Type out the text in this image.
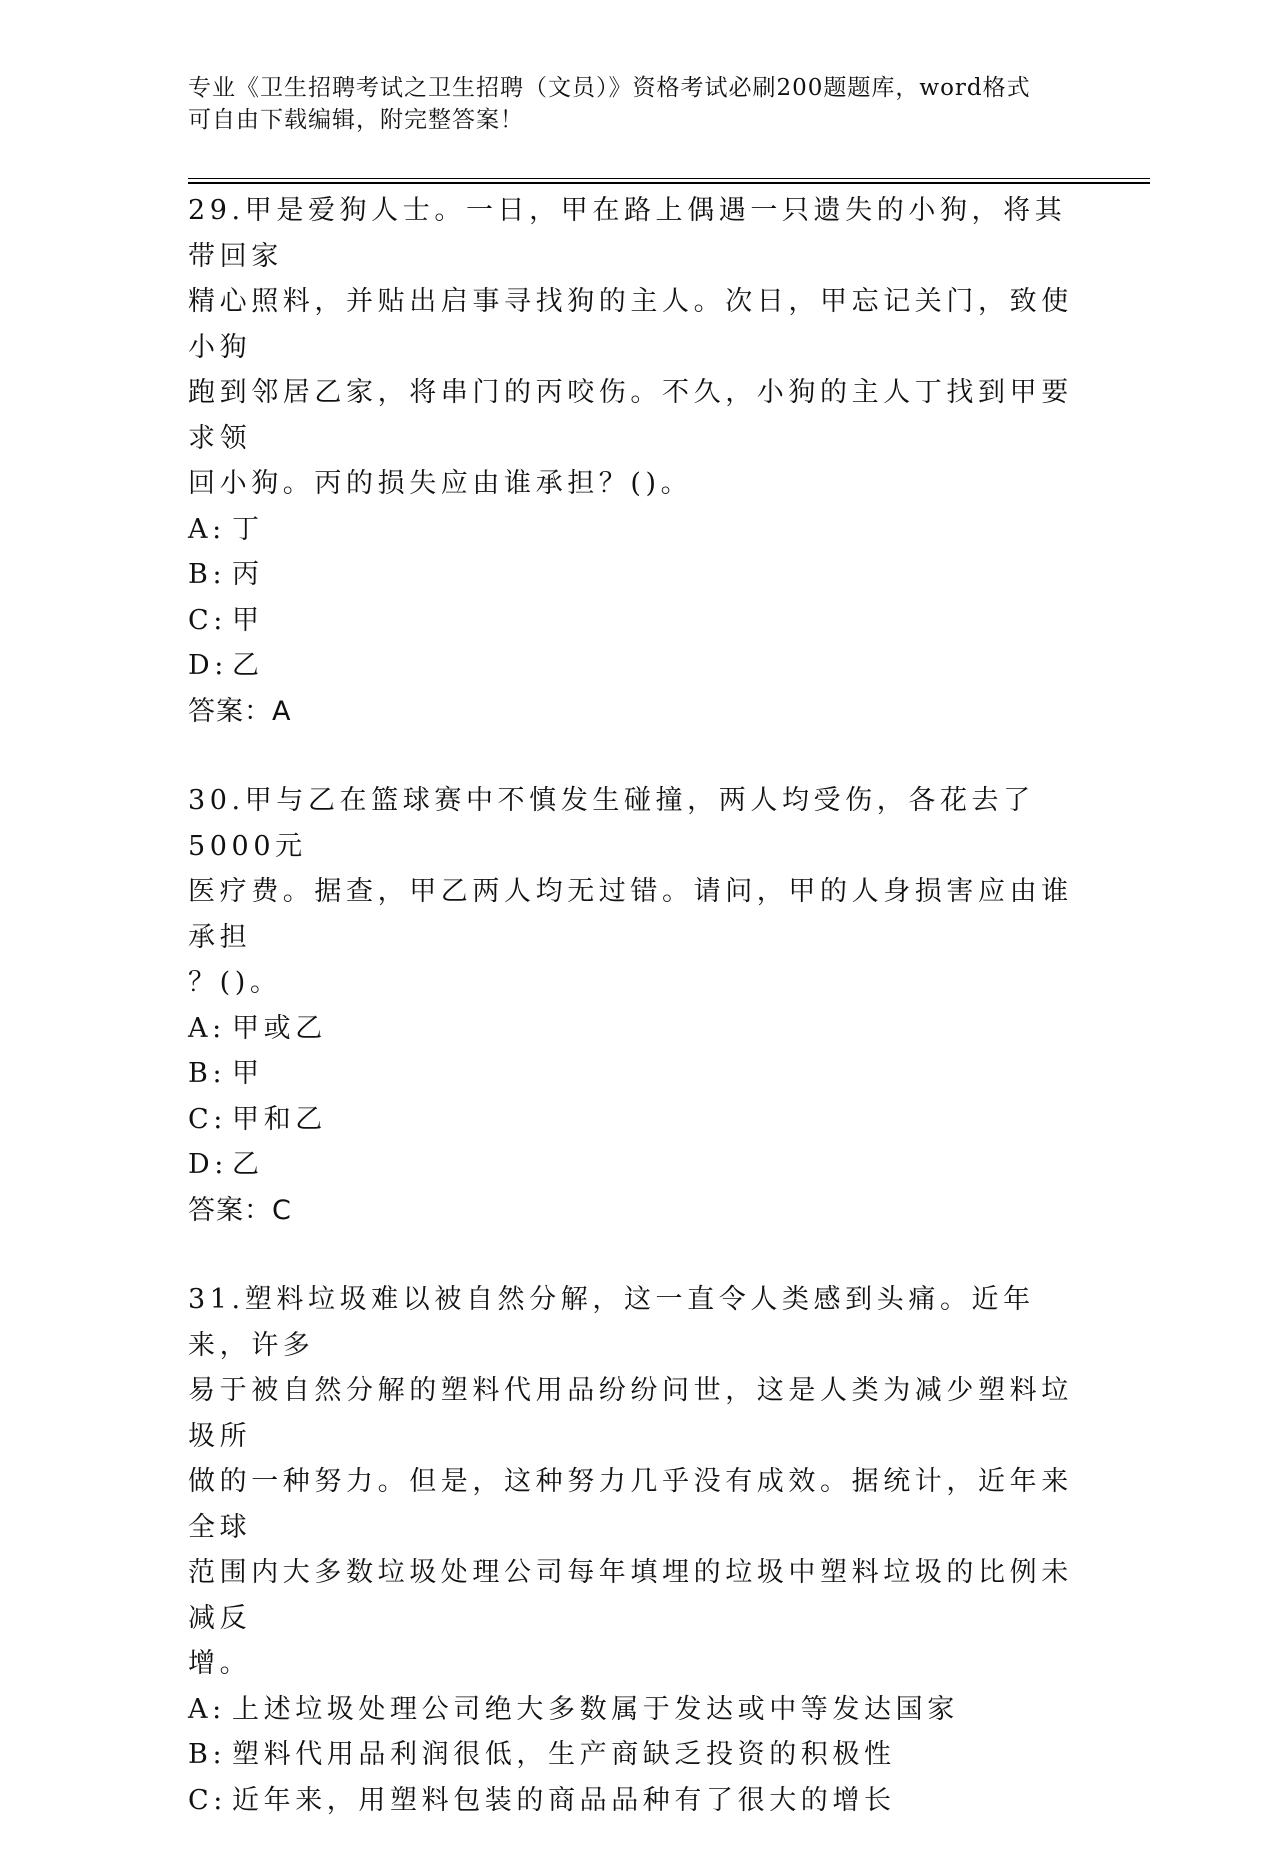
专业《卫生招聘考试之卫生招聘（文员）》资格考试必刷200题题库，word格式
可自由下载编辑，附完整答案！

29.甲是爱狗人士。一日，甲在路上偶遇一只遗失的小狗，将其带回家

精心照料，并贴出启事寻找狗的主人。次日，甲忘记关门，致使小狗

跑到邻居乙家，将串门的丙咬伤。不久，小狗的主人丁找到甲要求领

回小狗。丙的损失应由谁承担？()。

A: 丁

B: 丙

C: 甲

D: 乙

答案：A

30.甲与乙在篮球赛中不慎发生碰撞，两人均受伤，各花去了5000元

医疗费。据查，甲乙两人均无过错。请问，甲的人身损害应由谁承担

？()。

A: 甲或乙

B: 甲

C: 甲和乙

D: 乙

答案：C

31.塑料垃圾难以被自然分解，这一直令人类感到头痛。近年来，许多

易于被自然分解的塑料代用品纷纷问世，这是人类为减少塑料垃圾所

做的一种努力。但是，这种努力几乎没有成效。据统计，近年来全球

范围内大多数垃圾处理公司每年填埋的垃圾中塑料垃圾的比例未减反

增。

A: 上述垃圾处理公司绝大多数属于发达或中等发达国家

B: 塑料代用品利润很低，生产商缺乏投资的积极性

C: 近年来，用塑料包装的商品品种有了很大的增长
